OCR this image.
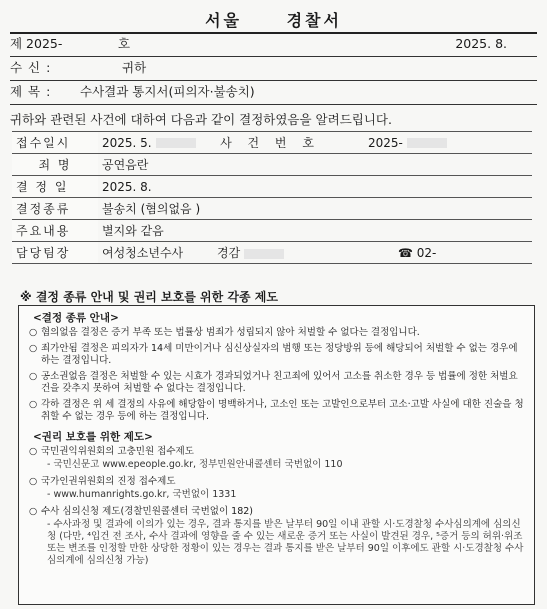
서울	경찰서
제 2025-	호	2025. 8.
수 신 :	귀하
제 목 : 수사결과 통지서(피의자·불송치)
귀하와 관련된 사건에 대하여 다음과 같이 결정하였음을 알려드립니다.
접수일시	2025. 5.	사 건 번 호	2025-
죄 명	공연음란		
결 정 일	2025. 8.		
결정종류	불송치 (혐의없음 )		
주요내용	별지와 같음		
담당팀장	여성청소년수사 경감 ☎ 02-		
※ 결정 종류 안내 및 권리 보호를 위한 각종 제도
<결정 종류 안내>
○ 혐의없음 결정은 증거 부족 또는 법률상 범죄가 성립되지 않아 처벌할 수 없다는 결정입니다.
○ 죄가안됨 결정은 피의자가 14세 미만이거나 심신상실자의 범행 또는 정당방위 등에 해당되어 처벌할 수 없는 경우에 하는 결정입니다.
○ 공소권없음 결정은 처벌할 수 있는 시효가 경과되었거나 친고죄에 있어서 고소를 취소한 경우 등 법률에 정한 처벌요건을 갖추지 못하여 처벌할 수 없다는 결정입니다.
○ 각하 결정은 위 세 결정의 사유에 해당함이 명백하거나, 고소인 또는 고발인으로부터 고소·고발 사실에 대한 진술을 청취할 수 없는 경우 등에 하는 결정입니다.
<권리 보호를 위한 제도>
○ 국민권익위원회의 고충민원 접수제도
- 국민신문고 www.epeople.go.kr, 정부민원안내콜센터 국번없이 110
○ 국가인권위원회의 진정 접수제도
- www.humanrights.go.kr, 국번없이 1331
○ 수사 심의신청 제도(경찰민원콜센터 국번없이 182)
- 수사과정 및 결과에 이의가 있는 경우, 결과 통지를 받은 날부터 90일 이내 관할 시·도경찰청 수사심의계에 심의신청 (다만, ⁴입건 전 조사, 수사 결과에 영향을 줄 수 있는 새로운 증거 또는 사실이 발견된 경우, ⁵증거 등의 허위·위조 또는 변조를 인정할 만한 상당한 정황이 있는 경우는 결과 통지를 받은 날부터 90일 이후에도 관할 시·도경찰청 수사심의계에 심의신청 가능)
